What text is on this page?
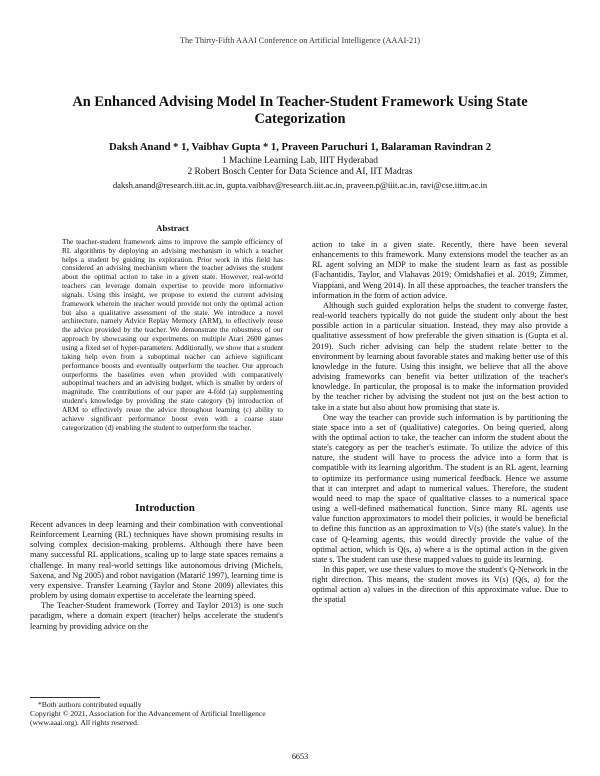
The Thirty-Fifth AAAI Conference on Artificial Intelligence (AAAI-21)
An Enhanced Advising Model In Teacher-Student Framework Using State Categorization
Daksh Anand * 1, Vaibhav Gupta * 1, Praveen Paruchuri 1, Balaraman Ravindran 2
1 Machine Learning Lab, IIIT Hyderabad
2 Robert Bosch Center for Data Science and AI, IIT Madras
daksh.anand@research.iiit.ac.in, gupta.vaibhav@research.iiit.ac.in, praveen.p@iiit.ac.in, ravi@cse.iitm.ac.in

Abstract

The teacher-student framework aims to improve the sample efficiency of RL algorithms by deploying an advising mechanism in which a teacher helps a student by guiding its exploration. Prior work in this field has considered an advising mechanism where the teacher advises the student about the optimal action to take in a given state. However, real-world teachers can leverage domain expertise to provide more informative signals. Using this insight, we propose to extend the current advising framework wherein the teacher would provide not only the optimal action but also a qualitative assessment of the state. We introduce a novel architecture, namely Advice Replay Memory (ARM), to effectively reuse the advice provided by the teacher. We demonstrate the robustness of our approach by showcasing our experiments on multiple Atari 2600 games using a fixed set of hyper-parameters. Additionally, we show that a student taking help even from a suboptimal teacher can achieve significant performance boosts and eventually outperform the teacher. Our approach outperforms the baselines even when provided with comparatively suboptimal teachers and an advising budget, which is smaller by orders of magnitude. The contributions of our paper are 4-fold (a) supplementing student's knowledge by providing the state category (b) introduction of ARM to effectively reuse the advice throughout learning (c) ability to achieve significant performance boost even with a coarse state categorization (d) enabling the student to outperform the teacher.

Introduction

Recent advances in deep learning and their combination with conventional Reinforcement Learning (RL) techniques have shown promising results in solving complex decision-making problems. Although there have been many successful RL applications, scaling up to large state spaces remains a challenge. In many real-world settings like autonomous driving (Michels, Saxena, and Ng 2005) and robot navigation (Matarić 1997), learning time is very expensive. Transfer Learning (Taylor and Stone 2009) alleviates this problem by using domain expertise to accelerate the learning speed.

The Teacher-Student framework (Torrey and Taylor 2013) is one such paradigm, where a domain expert (teacher) helps accelerate the student's learning by providing advice on the

*Both authors contributed equally
Copyright © 2021, Association for the Advancement of Artificial Intelligence (www.aaai.org). All rights reserved.

action to take in a given state. Recently, there have been several enhancements to this framework. Many extensions model the teacher as an RL agent solving an MDP to make the student learn as fast as possible (Fachantidis, Taylor, and Vlahavas 2019; Omidshafiei et al. 2019; Zimmer, Viappiani, and Weng 2014). In all these approaches, the teacher transfers the information in the form of action advice.

Although such guided exploration helps the student to converge faster, real-world teachers typically do not guide the student only about the best possible action in a particular situation. Instead, they may also provide a qualitative assessment of how preferable the given situation is (Gupta et al. 2019). Such richer advising can help the student relate better to the environment by learning about favorable states and making better use of this knowledge in the future. Using this insight, we believe that all the above advising frameworks can benefit via better utilization of the teacher's knowledge. In particular, the proposal is to make the information provided by the teacher richer by advising the student not just on the best action to take in a state but also about how promising that state is.

One way the teacher can provide such information is by partitioning the state space into a set of (qualitative) categories. On being queried, along with the optimal action to take, the teacher can inform the student about the state's category as per the teacher's estimate. To utilize the advice of this nature, the student will have to process the advice into a form that is compatible with its learning algorithm. The student is an RL agent, learning to optimize its performance using numerical feedback. Hence we assume that it can interpret and adapt to numerical values. Therefore, the student would need to map the space of qualitative classes to a numerical space using a well-defined mathematical function. Since many RL agents use value function approximators to model their policies, it would be beneficial to define this function as an approximation to V(s) (the state's value). In the case of Q-learning agents, this would directly provide the value of the optimal action, which is Q(s, a) where a is the optimal action in the given state s. The student can use these mapped values to guide its learning.

In this paper, we use these values to move the student's Q-Network in the right direction. This means, the student moves its V(s) (Q(s, a) for the optimal action a) values in the direction of this approximate value. Due to the spatial

6653
